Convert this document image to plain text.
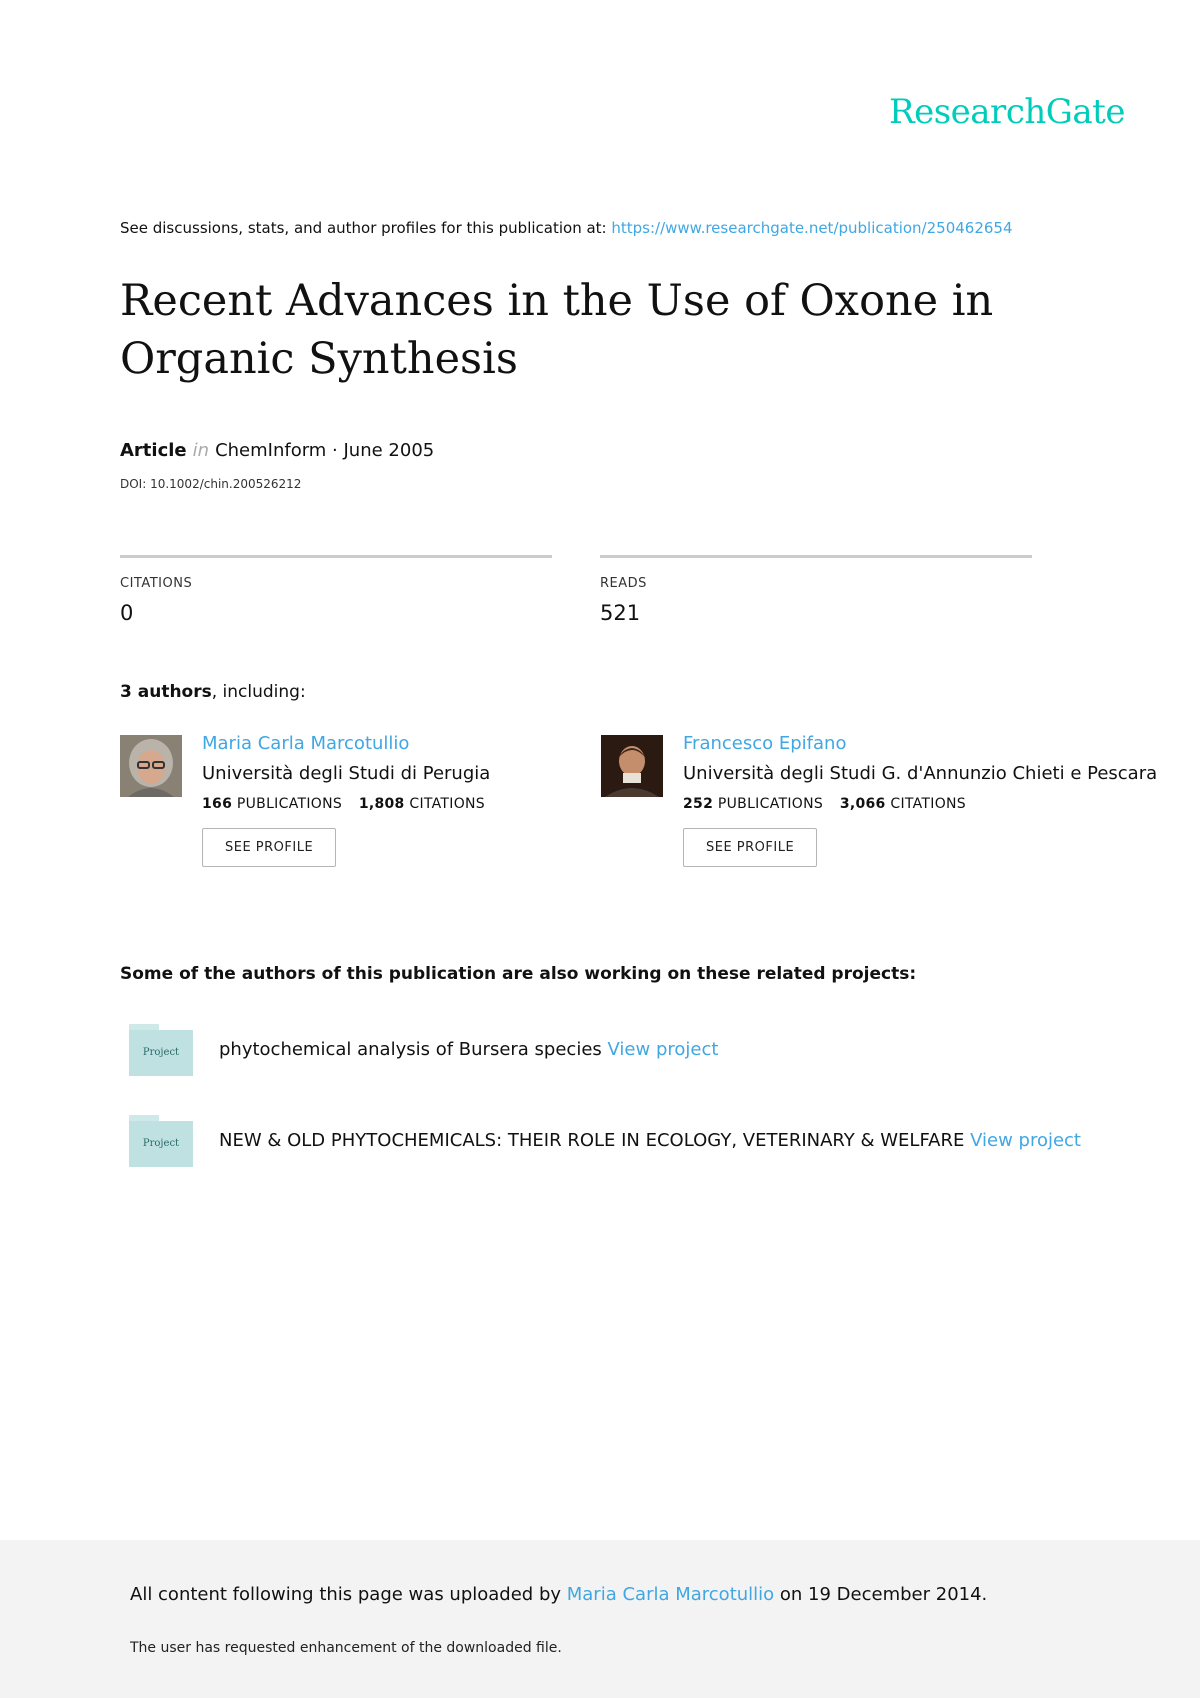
ResearchGate
See discussions, stats, and author profiles for this publication at: https://www.researchgate.net/publication/250462654
Recent Advances in the Use of Oxone in Organic Synthesis
Article in ChemInform · June 2005
DOI: 10.1002/chin.200526212
CITATIONS
0
READS
521
3 authors, including:
Maria Carla Marcotullio
Università degli Studi di Perugia
166 PUBLICATIONS 1,808 CITATIONS
SEE PROFILE
Francesco Epifano
Università degli Studi G. d'Annunzio Chieti e Pescara
252 PUBLICATIONS 3,066 CITATIONS
SEE PROFILE
Some of the authors of this publication are also working on these related projects:
Project	phytochemical analysis of Bursera species View project
Project	NEW & OLD PHYTOCHEMICALS: THEIR ROLE IN ECOLOGY, VETERINARY & WELFARE View project
All content following this page was uploaded by Maria Carla Marcotullio on 19 December 2014.
The user has requested enhancement of the downloaded file.
